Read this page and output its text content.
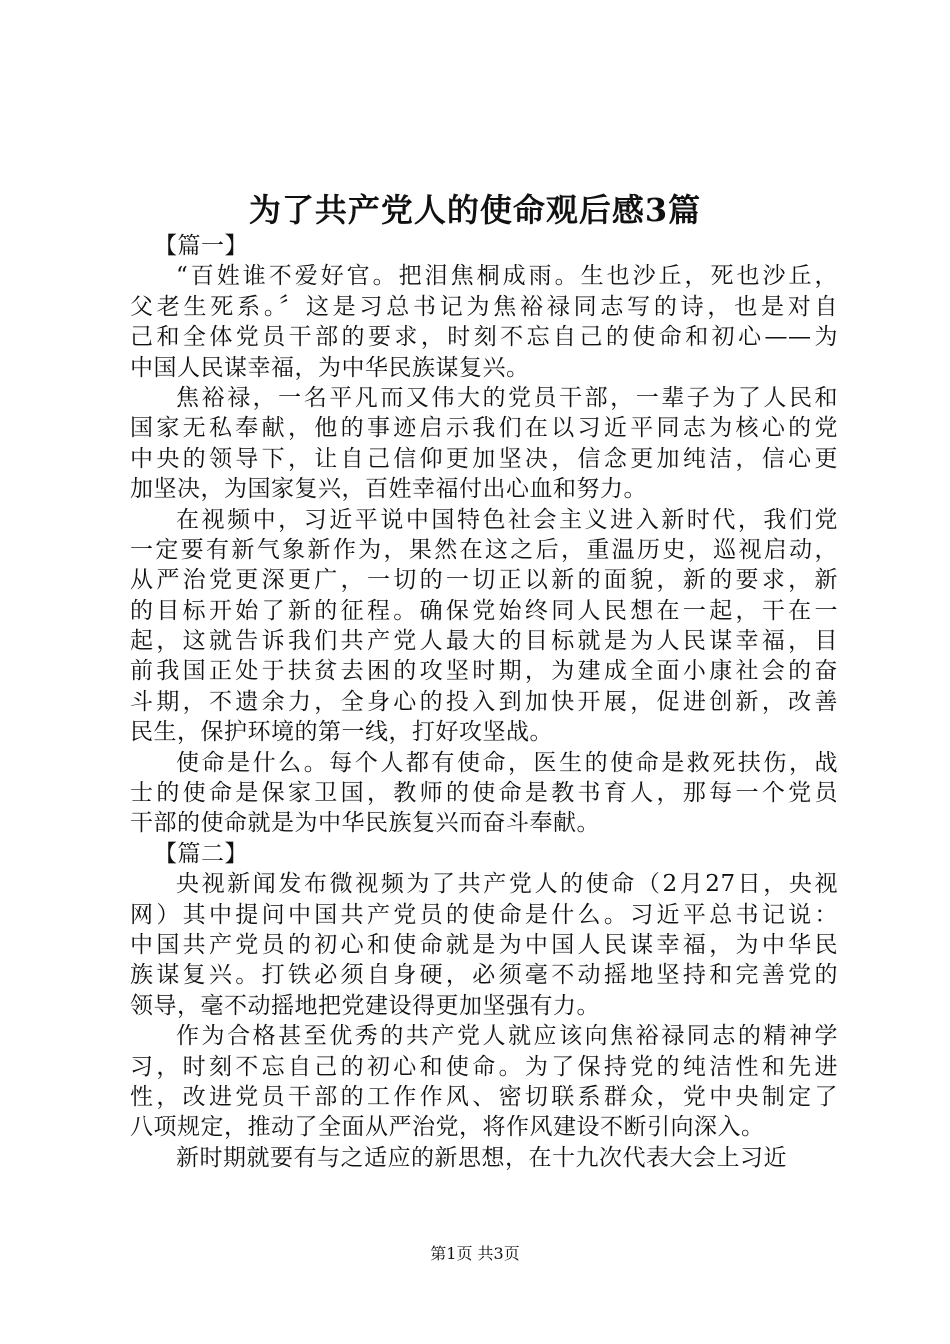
为了共产党人的使命观后感3篇
【篇一】
“百姓谁不爱好官。把泪焦桐成雨。生也沙丘，死也沙丘，
父老生死系。〞这是习总书记为焦裕禄同志写的诗，也是对自
己和全体党员干部的要求，时刻不忘自己的使命和初心——为
中国人民谋幸福，为中华民族谋复兴。
焦裕禄，一名平凡而又伟大的党员干部，一辈子为了人民和
国家无私奉献，他的事迹启示我们在以习近平同志为核心的党
中央的领导下，让自己信仰更加坚决，信念更加纯洁，信心更
加坚决，为国家复兴，百姓幸福付出心血和努力。
在视频中，习近平说中国特色社会主义进入新时代，我们党
一定要有新气象新作为，果然在这之后，重温历史，巡视启动，
从严治党更深更广，一切的一切正以新的面貌，新的要求，新
的目标开始了新的征程。确保党始终同人民想在一起，干在一
起，这就告诉我们共产党人最大的目标就是为人民谋幸福，目
前我国正处于扶贫去困的攻坚时期，为建成全面小康社会的奋
斗期，不遗余力，全身心的投入到加快开展，促进创新，改善
民生，保护环境的第一线，打好攻坚战。
使命是什么。每个人都有使命，医生的使命是救死扶伤，战
士的使命是保家卫国，教师的使命是教书育人，那每一个党员
干部的使命就是为中华民族复兴而奋斗奉献。
【篇二】
央视新闻发布微视频为了共产党人的使命（2月27日，央视
网）其中提问中国共产党员的使命是什么。习近平总书记说：
中国共产党员的初心和使命就是为中国人民谋幸福，为中华民
族谋复兴。打铁必须自身硬，必须毫不动摇地坚持和完善党的
领导，毫不动摇地把党建设得更加坚强有力。
作为合格甚至优秀的共产党人就应该向焦裕禄同志的精神学
习，时刻不忘自己的初心和使命。为了保持党的纯洁性和先进
性，改进党员干部的工作作风、密切联系群众，党中央制定了
八项规定，推动了全面从严治党，将作风建设不断引向深入。
新时期就要有与之适应的新思想，在十九次代表大会上习近
第1页 共3页
